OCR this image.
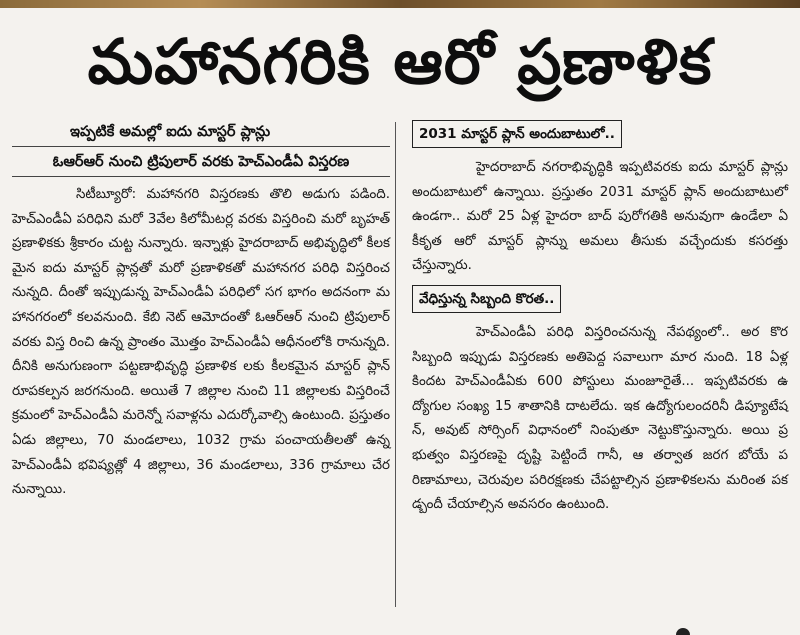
మహానగరికి ఆరో ప్రణాళిక
ఇప్పటికే అమల్లో ఐదు మాస్టర్ ప్లాన్లు
ఓఆర్ఆర్ నుంచి ట్రిపులార్ వరకు హెచ్ఎండీఏ విస్తరణ
సిటీబ్యూరో: మహానగరి విస్తరణకు తొలి అడుగు పడింది. హెచ్ఎండీఏ పరిధిని మరో 3వేల కిలోమీటర్ల వరకు విస్తరించి మరో బృహత్ ప్రణాళికకు శ్రీకారం చుట్ట నున్నారు. ఇన్నాళ్లు హైదరాబాద్ అభివృద్ధిలో కీలకమైన ఐదు మాస్టర్ ప్లాన్లతో మరో ప్రణాళికతో మహానగర పరిధి విస్తరించనున్నది. దీంతో ఇప్పుడున్న హెచ్ఎండీఏ పరిధిలో సగ భాగం అదనంగా మహానగరంలో కలవనుంది. కేబి నెట్ ఆమోదంతో ఓఆర్ఆర్ నుంచి ట్రిపులార్ వరకు విస్త రించి ఉన్న ప్రాంతం మొత్తం హెచ్ఎండీఏ ఆధీనంలోకి రానున్నది. దీనికి అనుగుణంగా పట్టణాభివృద్ధి ప్రణాళిక లకు కీలకమైన మాస్టర్ ప్లాన్ రూపకల్పన జరగనుంది. అయితే 7 జిల్లాల నుంచి 11 జిల్లాలకు విస్తరించే క్రమంలో హెచ్ఎండీఏ మరెన్నో సవాళ్లను ఎదుర్కోవాల్సి ఉంటుంది. ప్రస్తుతం ఏడు జిల్లాలు, 70 మండలాలు, 1032 గ్రామ పంచాయతీలతో ఉన్న హెచ్ఎండీఏ భవిష్యత్లో 4 జిల్లాలు, 36 మండలాలు, 336 గ్రామాలు చేరనున్నాయి.
2031 మాస్టర్ ప్లాన్ అందుబాటులో..
హైదరాబాద్ నగరాభివృద్ధికి ఇప్పటివరకు ఐదు మాస్టర్ ప్లాన్లు అందుబాటులో ఉన్నాయి. ప్రస్తుతం 2031 మాస్టర్ ప్లాన్ అందుబాటులో ఉండగా.. మరో 25 ఏళ్ల హైదరా బాద్ పురోగతికి అనువుగా ఉండేలా ఏకీకృత ఆరో మాస్టర్ ప్లాన్ను అమలు తీసుకు వచ్చేందుకు కసరత్తు చేస్తున్నారు.
వేధిస్తున్న సిబ్బంది కొరత..
హెచ్ఎండీఏ పరిధి విస్తరించనున్న నేపథ్యంలో.. అర కొర సిబ్బంది ఇప్పుడు విస్తరణకు అతిపెద్ద సవాలుగా మార నుంది. 18 ఏళ్ల కిందట హెచ్ఎండీఏకు 600 పోస్టులు మంజూరైతే... ఇప్పటివరకు ఉద్యోగుల సంఖ్య 15 శాతానికి దాటలేదు. ఇక ఉద్యోగులందరినీ డిప్యూటేషన్, అవుట్ సోర్సింగ్ విధానంలో నింపుతూ నెట్టుకొస్తున్నారు. అయి ప్రభుత్వం విస్తరణపై దృష్టి పెట్టిందే గానీ, ఆ తర్వాత జరగ బోయే పరిణామాలు, చెరువుల పరిరక్షణకు చేపట్టాల్సిన ప్రణాళికలను మరింత పకడ్బందీ చేయాల్సిన అవసరం ఉంటుంది.
